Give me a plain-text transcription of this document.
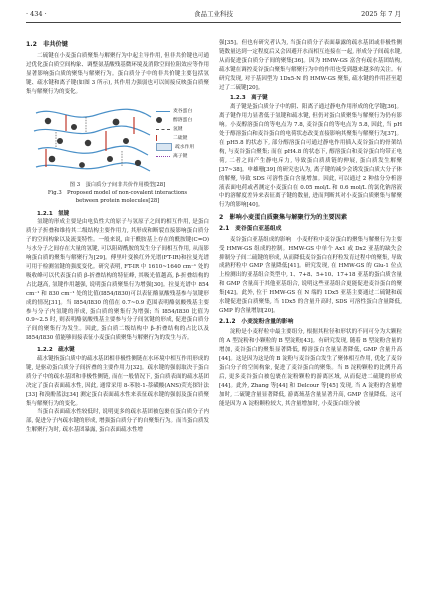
· 434 ·	食品工业科技	2025 年 7 月
1.2　非共价键

二硫键在小麦蛋白质聚集与解聚行为中起主导作用, 但非共价键也可通过优化蛋白质空间构象、调整氨基酸残基微环境及消除空间位阻效应等作用显著影响蛋白质的聚集与解聚行为。蛋白质分子中的非共价键主要包括氢键、疏水键和离子键(如图 3 所示), 其作用力强弱也可以间接反映蛋白质聚集与解聚行为的变化。

麦谷蛋白
醇溶蛋白
氢键
二硫键
疏水作用
离子键
图 3　蛋白质分子间非共价作用模型[28]
Fig.3　Proposed model of non-covalent interactions
between protein molecules[28]

1.2.1　氢键

氢键的形成主要是由电负性大的原子与氢原子之间的相互作用, 是蛋白质分子折叠和维持其二级结构主要作用力, 其形成和断裂直接影响蛋白质分子的空间构象以及流变特性。一般来说, 由于酰胺基上存在的酰胺键(C=O)与水分子之间存在大量的氢键, 可以阻碍酰胺的发生分子间相互作用, 从而影响蛋白质的聚集与解聚行为[29]。傅里叶变换红外光谱(FT-IR)和拉曼光谱可用于检测氢键的强度变化。研究表明, FT-IR 中 1610~1640 cm⁻¹ 处的吸收峰可以代表蛋白质 β-折叠结构的特征峰, 其吸光值越高, β-折叠结构的占比越高, 氢键作用越强, 说明蛋白质聚集行为增强[30]。拉曼光谱中 854 cm⁻¹ 和 830 cm⁻¹ 处的比值(I854/I830)可以表征酪氨酸残基参与氢键形成的情况[31]。当 I854/I830 的值在 0.7~0.9 范围表明酪氨酸残基主要参与分子内氢键的形成, 蛋白质的聚集行为增强; 当 I854/I830 比值为 0.9~2.5 时, 则表明酪氨酸残基主要参与分子间氢键的形成, 促进蛋白质分子间的聚集行为发生。因此, 蛋白质二级结构中 β-折叠结构的占比以及 I854/I830 值能够间接表征小麦蛋白质聚集与解聚行为的发生与否。

1.2.2　疏水键

疏水键指蛋白质中的疏水基团相非极性侧链在水环境中相互作用形成的键, 是驱动蛋白质分子间折叠的主要作用力[32]。疏水键的强弱取决于蛋白质分子中的疏水基团和非极性侧链, 而在一般情况下, 蛋白质表面的疏水基团决定了蛋白表面疏水性, 因此, 通常采用 8-苯胺-1-萘磺酸(ANS)荧光探针法[33] 和溴酚蓝法[34] 测定蛋白表面疏水性来表征疏水键的强弱及蛋白质聚集与解聚行为的变化。

当蛋白表面疏水性较低时, 说明更多的疏水基团被包裹在蛋白质分子内部, 促进分子内疏水键的形成, 增强蛋白质分子的自聚集行为。而当蛋白质发生解聚行为时, 疏水基团暴露, 蛋白表面疏水性增

强[35]。但也有研究者认为, 当蛋白质分子表面暴露的疏水基团或非极性侧链数量达到一定程度后又会因避开水而相互连接在一起, 形成分子间疏水键, 从而促进蛋白质分子间的聚集[36]。因为 HMW-GS 富含有疏水基团结构, 疏水键在调控麦谷蛋白聚集与解聚行为中的作用也受到越来越多的关注。有研究发现, 对于基因型为 1Dx5-N 的 HMW-GS 聚集, 疏水键的作用甚至超过了二硫键[20]。

1.2.3　离子键

离子键是蛋白质分子中的阴、阳离子通过静电作用形成的化学键[36]。离子键作用力显著低于氢键和疏水键, 但仍对蛋白质聚集与解聚行为仍有影响。小麦醇溶蛋白的等电点为 7.8, 麦谷蛋白的等电点为 5.8, 因此, 当 pH 处于醇溶蛋白和麦谷蛋白的电荷状态改变直接影响其聚集与解聚行为[37]。在 pH5.8 的状态下, 部分醇溶蛋白可通过静电作用插入麦谷蛋白的骨架结构, 与麦谷蛋白聚集; 而在 pH4.8 的状态下, 醇溶蛋白和麦谷蛋白均带正电荷, 二者之间产生静电斥力, 导致蛋白质质链的伸展, 蛋白质发生解聚[37~38]。申雄珊[39] 的研究也认为, 离子键的减少会诱发蛋白质大分子体的解聚, 导致 SDS 可溶性蛋白含量增加。因此, 可以通过 2 种盐分分析溶液表面电荷或者测定小麦蛋白在 0.05 mol/L 和 0.6 mol/L 的氯化钠溶液中的溶解度差异来表征离子键的数量, 进而判断其对小麦蛋白质聚集与解聚行为的影响[40]。

2　影响小麦蛋白质聚集与解聚行为的主要因素
2.1　麦谷蛋白亚基组成

麦谷蛋白亚基组成的影响　小麦籽粒中麦谷蛋白的聚集与解聚行为主要受 HMW-GS 组成的控制。HMW-GS 中单个 Ax1 或 Dx2 亚基的缺失会抑制分子间二硫键的形成, 从而降低麦谷蛋白在籽粒发育过程中的聚集, 导致成熟籽粒中 GMP 含量降低[41]。研究发现, 在 HMW-GS 的 Glu-1 位点上检测出的亚基组合类型中, 1、7+8、5+10、17+18 亚基的蛋白质含量和 GMP 含量高于其他亚基组合, 说明这些亚基组合更能促进麦谷蛋白的聚集[42]。此外, 位于 HMW-GS 在 N 端的 1Dx5 亚基主要通过二硫键和疏水键促进蛋白质聚集, 当 1Dx5 的含量升高时, SDS 可溶性蛋白含量降低, GMP 的含量增加[20]。

2.1.2　小麦淀粉含量的影响

淀粉是小麦籽粒中最主要组分, 根据其粒径和形状的不同可分为大颗粒的 A 型淀粉和小颗粒的 B 型淀粉[43]。有研究发现, 随着 B 型淀粉含量的增加, 麦谷蛋白的聚集显著降低, 醇溶蛋白含量显著降低, GMP 含量升高[44]。这是因为这是的 B 淀粉与麦谷蛋白发生了聚体相互作用, 优化了麦谷蛋白分子的空间构象, 促进了麦谷蛋白的聚集。当 B 淀粉颗粒的比例升高后, 更多麦谷蛋白被包裹在淀粉颗粒的游离区域, 从而促进二硫键的形成[44]。此外, Zhang 等[44] 和 Delcour 等[45] 发现, 当 A 淀粉的含量增加时, 二硫键含量显著降低, 游离巯基含量显著升高, GMP 含量降低。这可能是因为 A 淀粉颗粒较大, 其含量增加时, 小麦蛋白组分被
